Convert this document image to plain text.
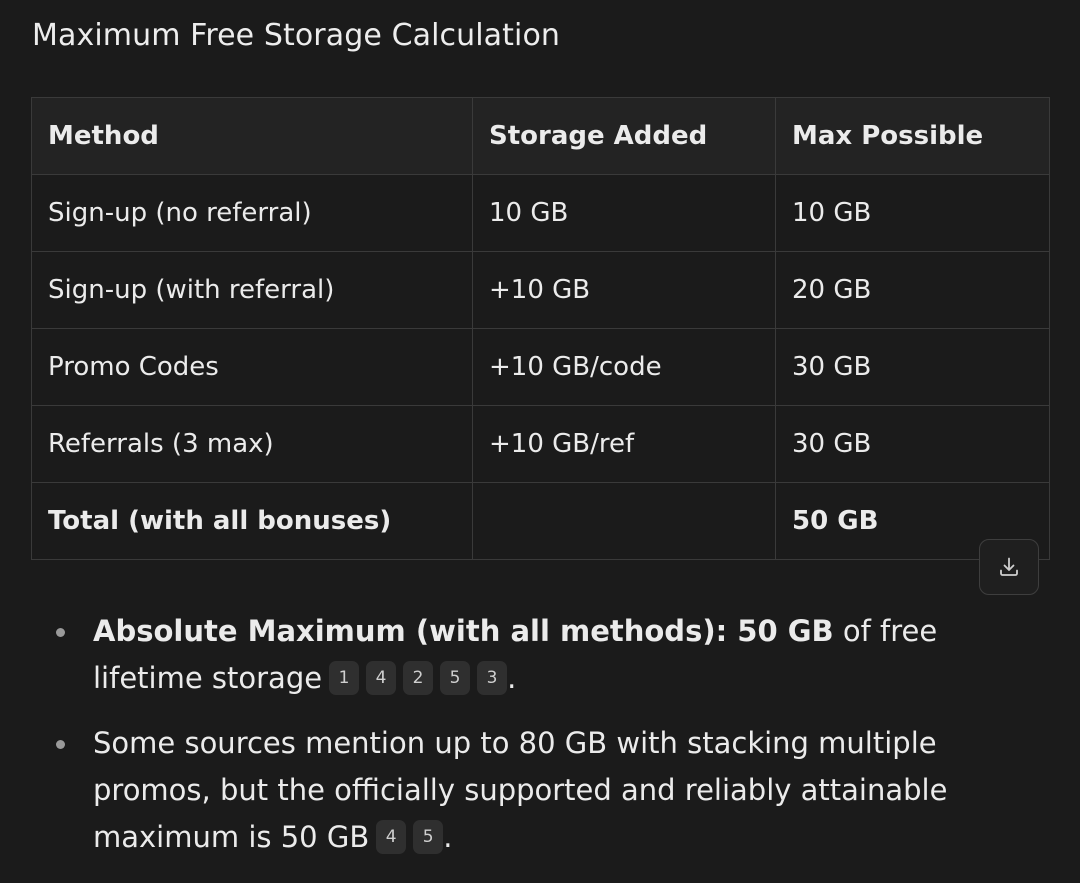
Maximum Free Storage Calculation
Method	Storage Added	Max Possible
Sign-up (no referral)	10 GB	10 GB
Sign-up (with referral)	+10 GB	20 GB
Promo Codes	+10 GB/code	30 GB
Referrals (3 max)	+10 GB/ref	30 GB
Total (with all bonuses)		50 GB
Absolute Maximum (with all methods): 50 GB of free lifetime storage 1 4 2 5 3 .
Some sources mention up to 80 GB with stacking multiple promos, but the officially supported and reliably attainable maximum is 50 GB 4 5 .
